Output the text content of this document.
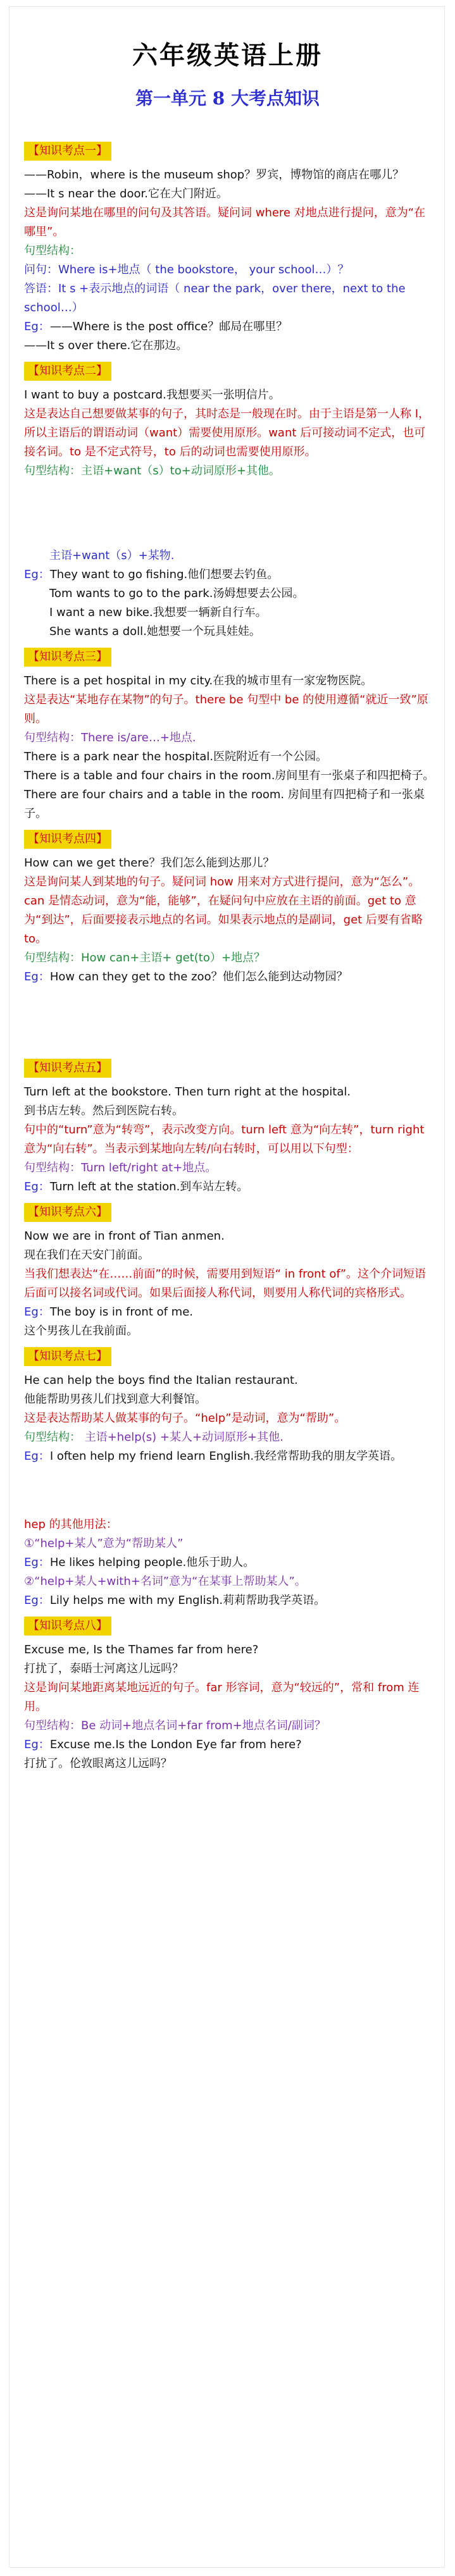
六年级英语上册
第一单元 8 大考点知识
【知识考点一】

——Robin，where is the museum shop？罗宾，博物馆的商店在哪儿？

——It s near the door.它在大门附近。

这是询问某地在哪里的问句及其答语。疑问词 where 对地点进行提问，意为“在哪里”。

句型结构：

问句：Where is+地点（ the bookstore， your school…）？

答语：It s +表示地点的词语（ near the park，over there，next to the school…）

Eg：——Where is the post office？邮局在哪里？

——It s over there.它在那边。

【知识考点二】

I want to buy a postcard.我想要买一张明信片。

这是表达自己想要做某事的句子，其时态是一般现在时。由于主语是第一人称 I，所以主语后的谓语动词（want）需要使用原形。want 后可接动词不定式，也可接名词。to 是不定式符号，to 后的动词也需要使用原形。

句型结构：主语+want（s）to+动词原形+其他。

主语+want（s）+某物.

Eg：They want to go fishing.他们想要去钓鱼。

Tom wants to go to the park.汤姆想要去公园。

I want a new bike.我想要一辆新自行车。

She wants a doll.她想要一个玩具娃娃。

【知识考点三】

There is a pet hospital in my city.在我的城市里有一家宠物医院。

这是表达“某地存在某物”的句子。there be 句型中 be 的使用遵循“就近一致”原则。

句型结构：There is/are…+地点.

There is a park near the hospital.医院附近有一个公园。

There is a table and four chairs in the room.房间里有一张桌子和四把椅子。

There are four chairs and a table in the room. 房间里有四把椅子和一张桌子。

【知识考点四】

How can we get there？我们怎么能到达那儿？

这是询问某人到某地的句子。疑问词 how 用来对方式进行提问，意为“怎么”。can 是情态动词，意为“能，能够”，在疑问句中应放在主语的前面。get to 意为“到达”，后面要接表示地点的名词。如果表示地点的是副词，get 后要有省略 to。

句型结构：How can+主语+ get(to）+地点？

Eg：How can they get to the zoo？他们怎么能到达动物园？

【知识考点五】

Turn left at the bookstore. Then turn right at the hospital.

到书店左转。然后到医院右转。

句中的“turn”意为“转弯”，表示改变方向。turn left 意为“向左转”，turn right 意为“向右转”。当表示到某地向左转/向右转时，可以用以下句型：

句型结构：Turn left/right at+地点。

Eg：Turn left at the station.到车站左转。

【知识考点六】

Now we are in front of Tian anmen.

现在我们在天安门前面。

当我们想表达“在……前面”的时候，需要用到短语“ in front of”。这个介词短语后面可以接名词或代词。如果后面接人称代词，则要用人称代词的宾格形式。

Eg：The boy is in front of me.

这个男孩儿在我前面。

【知识考点七】

He can help the boys find the Italian restaurant.

他能帮助男孩儿们找到意大利餐馆。

这是表达帮助某人做某事的句子。“help”是动词，意为“帮助”。

句型结构： 主语+help(s) +某人+动词原形+其他.

Eg：I often help my friend learn English.我经常帮助我的朋友学英语。

hep 的其他用法：

①“help+某人”意为“帮助某人”

Eg：He likes helping people.他乐于助人。

②“help+某人+with+名词”意为“在某事上帮助某人”。

Eg：Lily helps me with my English.莉莉帮助我学英语。

【知识考点八】

Excuse me, Is the Thames far from here?

打扰了，泰晤士河离这儿远吗？

这是询问某地距离某地远近的句子。far 形容词，意为“较远的”，常和 from 连用。

句型结构：Be 动词+地点名词+far from+地点名词/副词？

Eg：Excuse me.Is the London Eye far from here?

打扰了。伦敦眼离这儿远吗？
